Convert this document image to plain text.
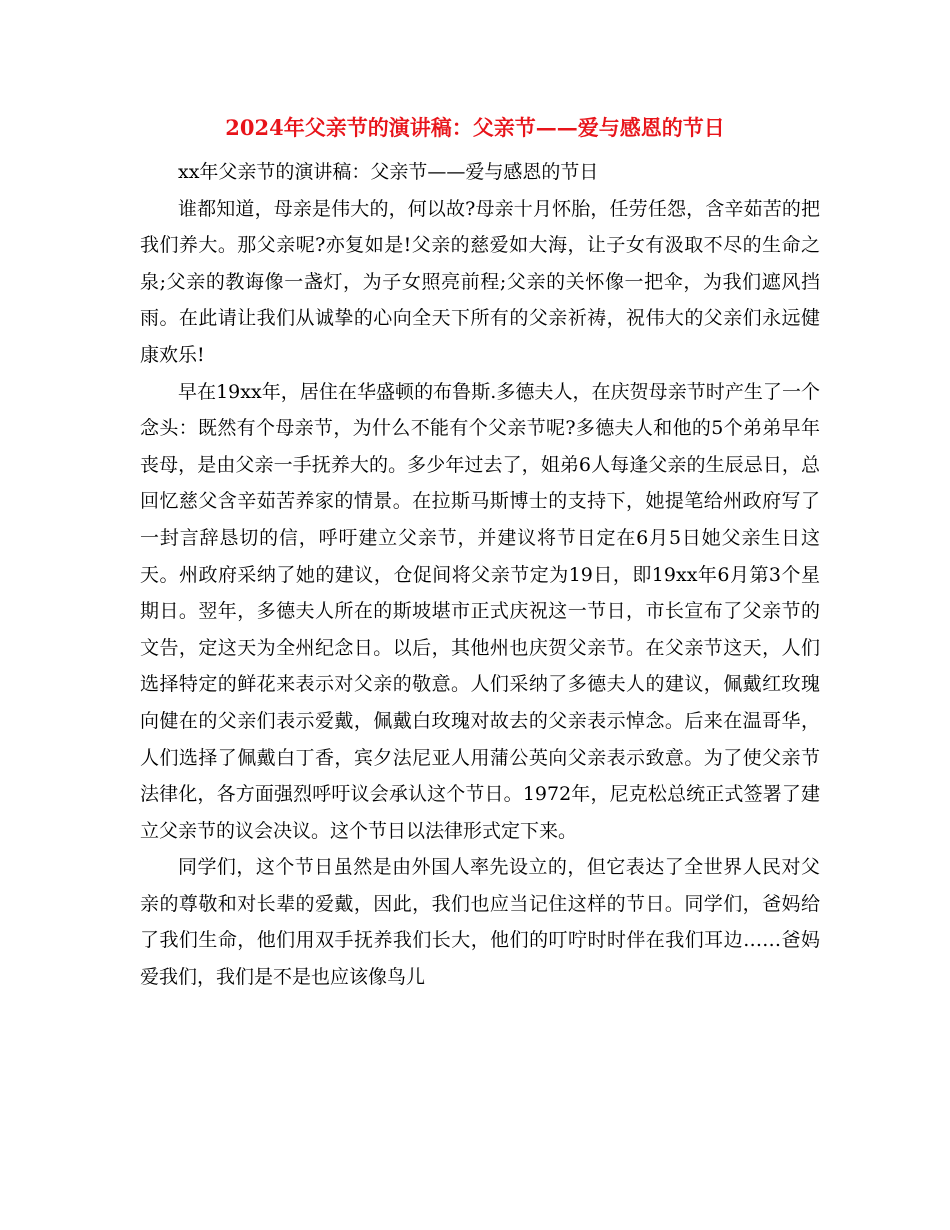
2024年父亲节的演讲稿：父亲节——爱与感恩的节日

xx年父亲节的演讲稿：父亲节——爱与感恩的节日

谁都知道，母亲是伟大的，何以故?母亲十月怀胎，任劳任怨，含辛茹苦的把我们养大。那父亲呢?亦复如是!父亲的慈爱如大海，让子女有汲取不尽的生命之泉;父亲的教诲像一盏灯，为子女照亮前程;父亲的关怀像一把伞，为我们遮风挡雨。在此请让我们从诚挚的心向全天下所有的父亲祈祷，祝伟大的父亲们永远健康欢乐!

早在19xx年，居住在华盛顿的布鲁斯.多德夫人，在庆贺母亲节时产生了一个念头：既然有个母亲节，为什么不能有个父亲节呢?多德夫人和他的5个弟弟早年丧母，是由父亲一手抚养大的。多少年过去了，姐弟6人每逢父亲的生辰忌日，总回忆慈父含辛茹苦养家的情景。在拉斯马斯博士的支持下，她提笔给州政府写了一封言辞恳切的信，呼吁建立父亲节，并建议将节日定在6月5日她父亲生日这天。州政府采纳了她的建议，仓促间将父亲节定为19日，即19xx年6月第3个星期日。翌年，多德夫人所在的斯坡堪市正式庆祝这一节日，市长宣布了父亲节的文告，定这天为全州纪念日。以后，其他州也庆贺父亲节。在父亲节这天，人们选择特定的鲜花来表示对父亲的敬意。人们采纳了多德夫人的建议，佩戴红玫瑰向健在的父亲们表示爱戴，佩戴白玫瑰对故去的父亲表示悼念。后来在温哥华，人们选择了佩戴白丁香，宾夕法尼亚人用蒲公英向父亲表示致意。为了使父亲节法律化，各方面强烈呼吁议会承认这个节日。1972年，尼克松总统正式签署了建立父亲节的议会决议。这个节日以法律形式定下来。

同学们，这个节日虽然是由外国人率先设立的，但它表达了全世界人民对父亲的尊敬和对长辈的爱戴，因此，我们也应当记住这样的节日。同学们，爸妈给了我们生命，他们用双手抚养我们长大，他们的叮咛时时伴在我们耳边……爸妈爱我们，我们是不是也应该像鸟儿
